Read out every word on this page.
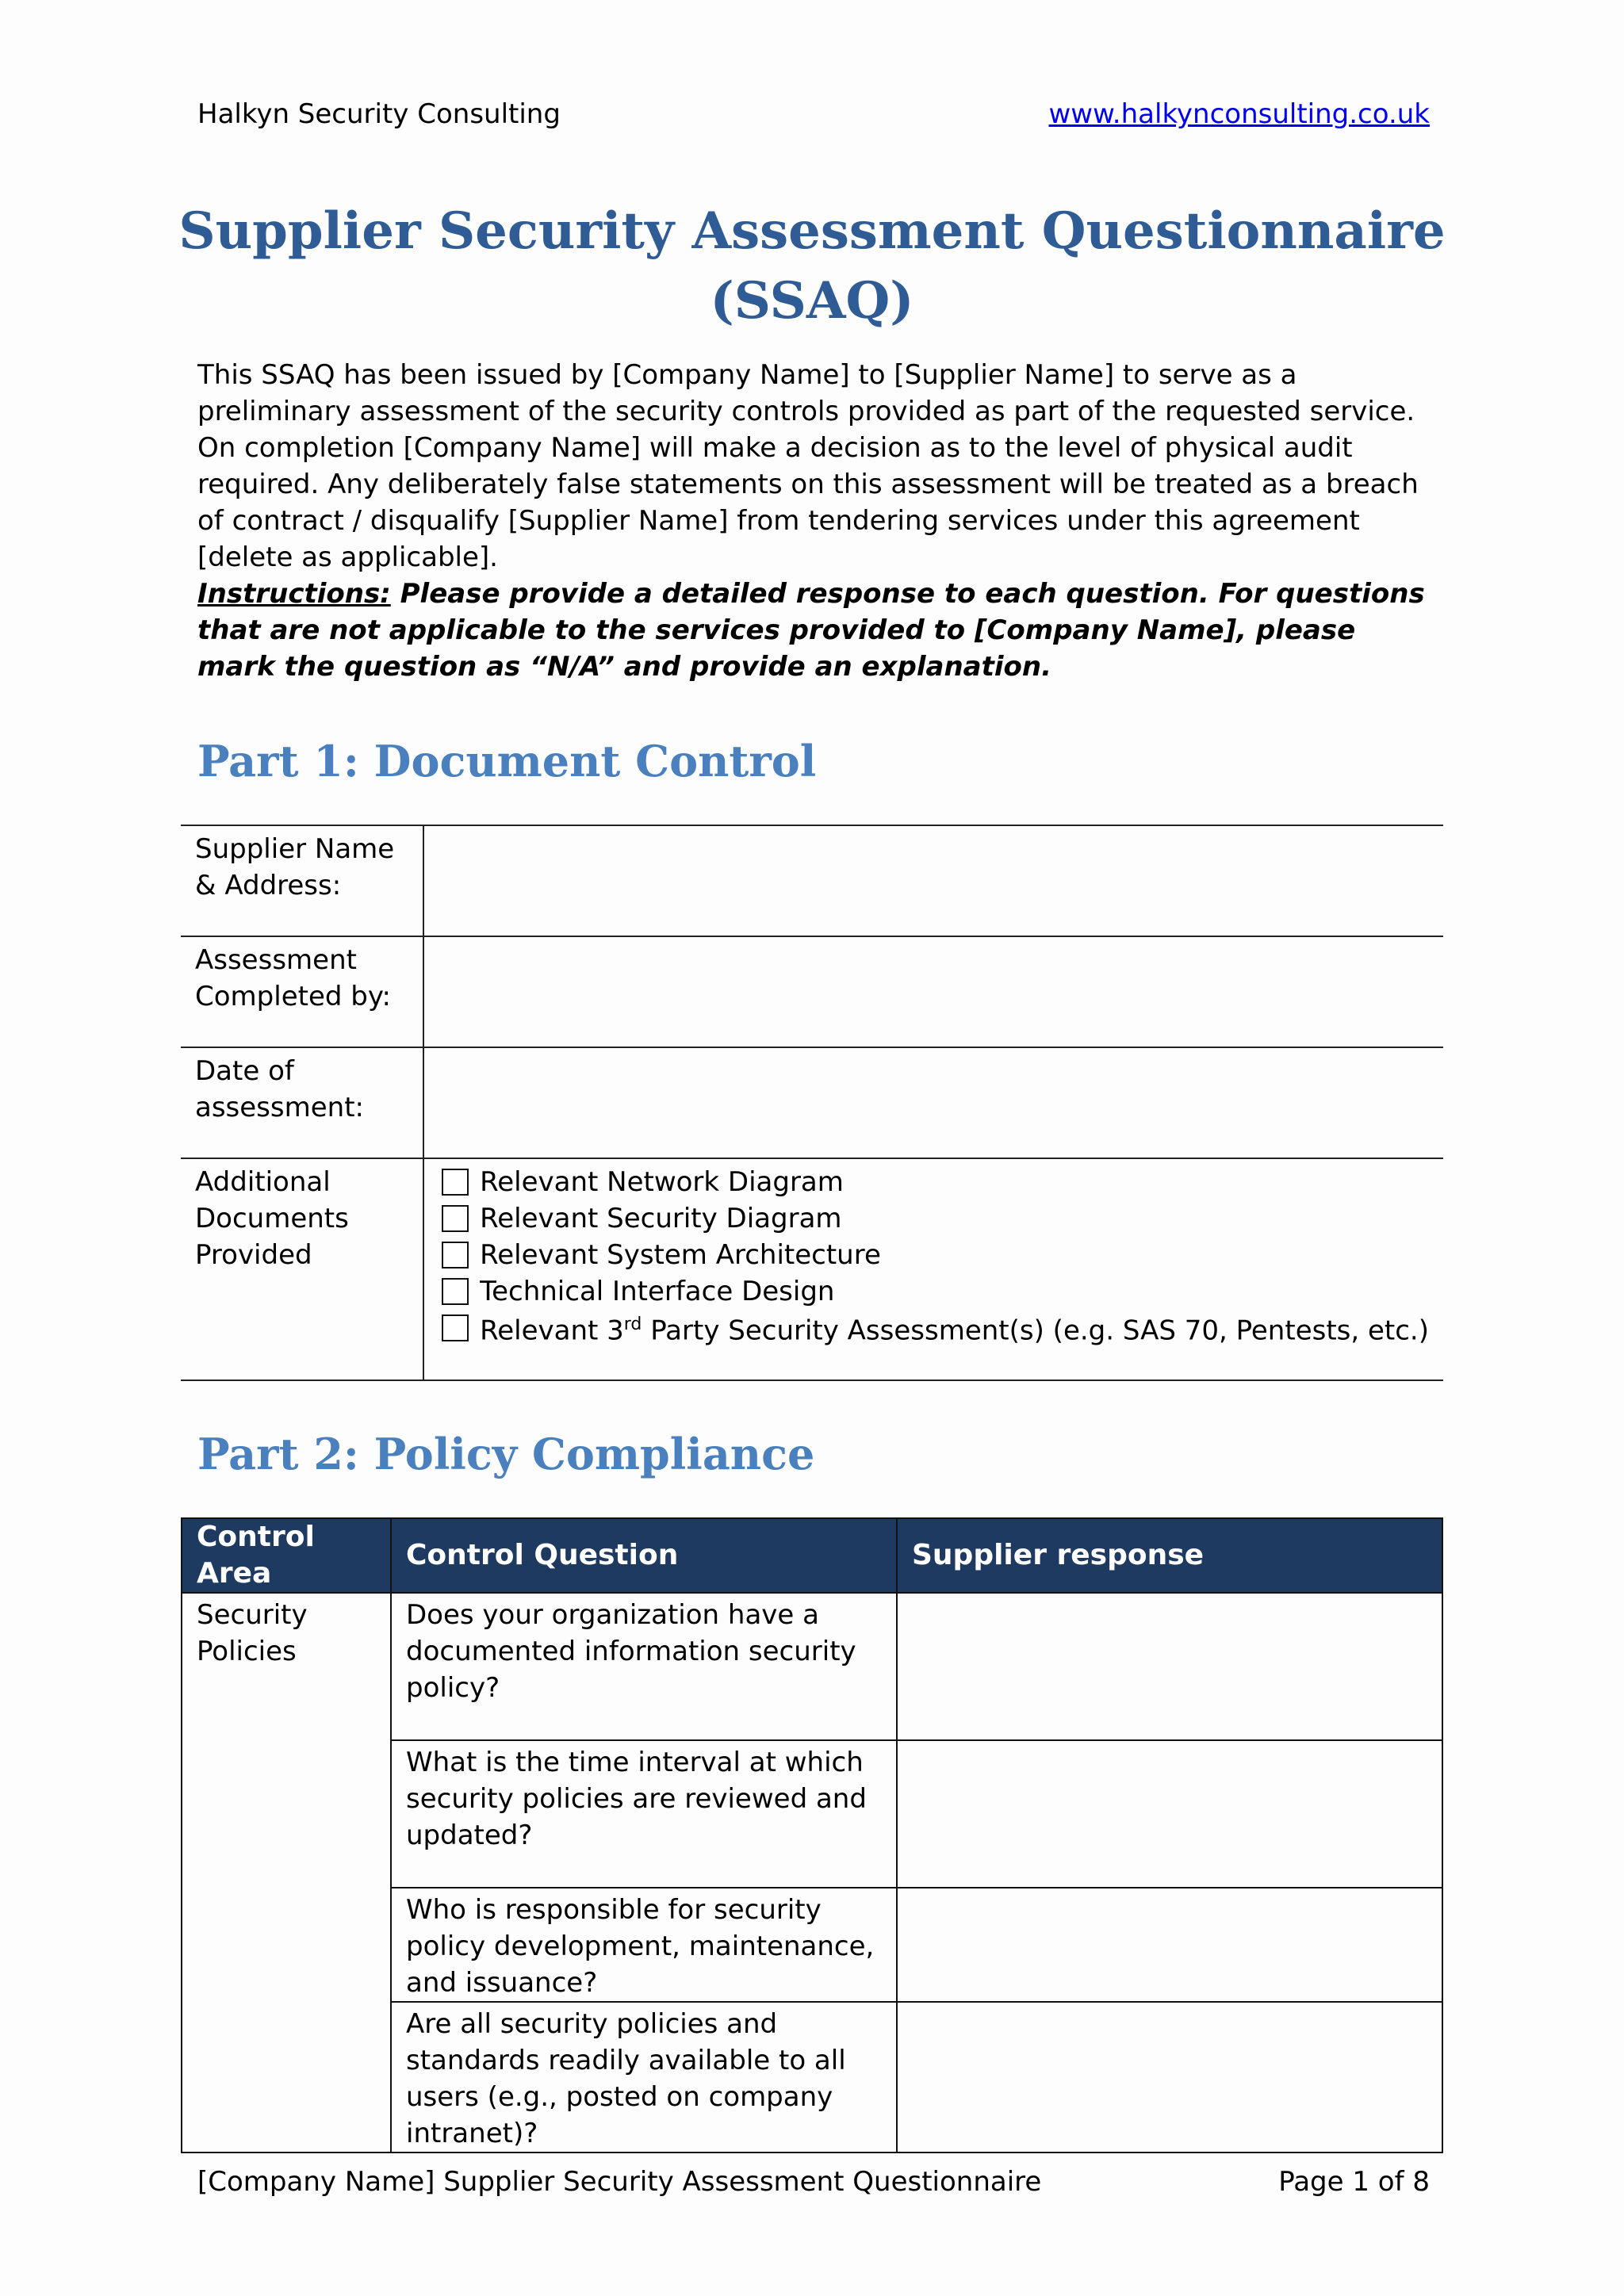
Halkyn Security Consulting	www.halkynconsulting.co.uk
Supplier Security Assessment Questionnaire
(SSAQ)
This SSAQ has been issued by [Company Name] to [Supplier Name] to serve as a preliminary assessment of the security controls provided as part of the requested service. On completion [Company Name] will make a decision as to the level of physical audit required. Any deliberately false statements on this assessment will be treated as a breach of contract / disqualify [Supplier Name] from tendering services under this agreement [delete as applicable].
Instructions: Please provide a detailed response to each question. For questions that are not applicable to the services provided to [Company Name], please mark the question as “N/A” and provide an explanation.
Part 1: Document Control
Supplier Name & Address:	
Assessment Completed by:	
Date of assessment:	
Additional Documents Provided	Relevant Network Diagram
Relevant Security Diagram
Relevant System Architecture
Technical Interface Design
Relevant 3rd Party Security Assessment(s) (e.g. SAS 70, Pentests, etc.)
Part 2: Policy Compliance
Control Area	Control Question	Supplier response
Security Policies	Does your organization have a documented information security policy?	
	What is the time interval at which security policies are reviewed and updated?	
	Who is responsible for security policy development, maintenance, and issuance?	
	Are all security policies and standards readily available to all users (e.g., posted on company intranet)?	
[Company Name] Supplier Security Assessment Questionnaire	Page 1 of 8
